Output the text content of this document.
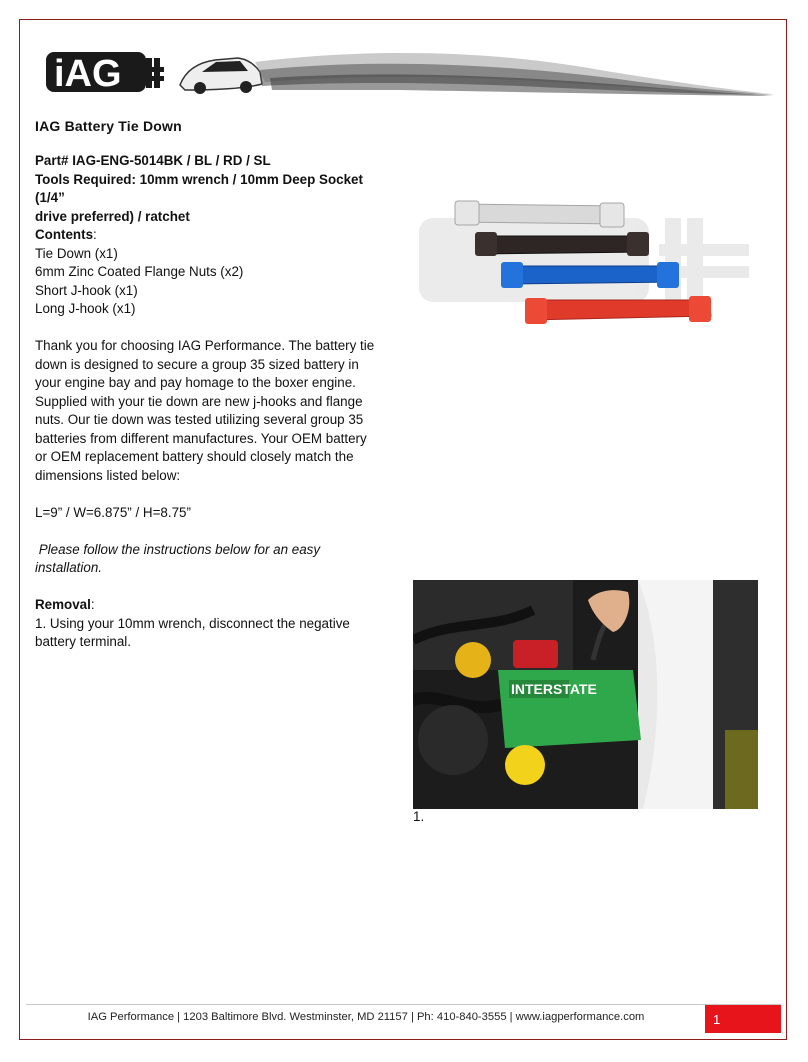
iAG
IAG Battery Tie Down

Part# IAG-ENG-5014BK / BL / RD / SL

Tools Required: 10mm wrench / 10mm Deep Socket (1/4”

drive preferred) / ratchet

Contents:

Tie Down (x1)

6mm Zinc Coated Flange Nuts (x2)

Short J-hook (x1)

Long J-hook (x1)

Thank you for choosing IAG Performance. The battery tie

down is designed to secure a group 35 sized battery in

your engine bay and pay homage to the boxer engine.

Supplied with your tie down are new j-hooks and flange

nuts. Our tie down was tested utilizing several group 35

batteries from different manufactures. Your OEM battery

or OEM replacement battery should closely match the

dimensions listed below:

L=9” / W=6.875” / H=8.75”

Please follow the instructions below for an easy

installation.

Removal:

1. Using your 10mm wrench, disconnect the negative

battery terminal.

INTERSTATE
1.
IAG Performance | 1203 Baltimore Blvd. Westminster, MD 21157 | Ph: 410-840-3555 | www.iagperformance.com	1
